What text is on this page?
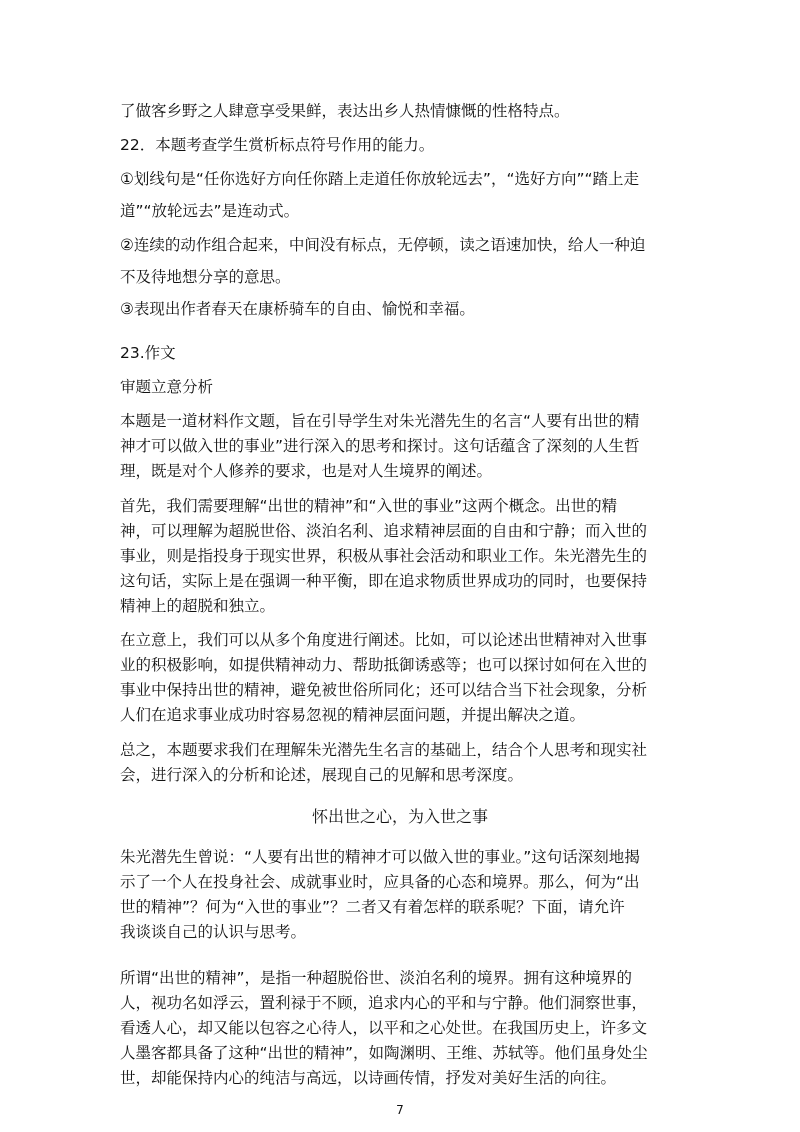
了做客乡野之人肆意享受果鲜，表达出乡人热情慷慨的性格特点。

22．本题考查学生赏析标点符号作用的能力。

①划线句是“任你选好方向任你踏上走道任你放轮远去”，“选好方向”“踏上走

道”“放轮远去”是连动式。

②连续的动作组合起来，中间没有标点，无停顿，读之语速加快，给人一种迫

不及待地想分享的意思。

③表现出作者春天在康桥骑车的自由、愉悦和幸福。

23.作文

审题立意分析

本题是一道材料作文题，旨在引导学生对朱光潜先生的名言“人要有出世的精

神才可以做入世的事业”进行深入的思考和探讨。这句话蕴含了深刻的人生哲

理，既是对个人修养的要求，也是对人生境界的阐述。

首先，我们需要理解“出世的精神”和“入世的事业”这两个概念。出世的精

神，可以理解为超脱世俗、淡泊名利、追求精神层面的自由和宁静；而入世的

事业，则是指投身于现实世界，积极从事社会活动和职业工作。朱光潜先生的

这句话，实际上是在强调一种平衡，即在追求物质世界成功的同时，也要保持

精神上的超脱和独立。

在立意上，我们可以从多个角度进行阐述。比如，可以论述出世精神对入世事

业的积极影响，如提供精神动力、帮助抵御诱惑等；也可以探讨如何在入世的

事业中保持出世的精神，避免被世俗所同化；还可以结合当下社会现象，分析

人们在追求事业成功时容易忽视的精神层面问题，并提出解决之道。

总之，本题要求我们在理解朱光潜先生名言的基础上，结合个人思考和现实社

会，进行深入的分析和论述，展现自己的见解和思考深度。

怀出世之心，为入世之事

朱光潜先生曾说：“人要有出世的精神才可以做入世的事业。”这句话深刻地揭

示了一个人在投身社会、成就事业时，应具备的心态和境界。那么，何为“出

世的精神”？何为“入世的事业”？二者又有着怎样的联系呢？下面，请允许

我谈谈自己的认识与思考。

所谓“出世的精神”，是指一种超脱俗世、淡泊名利的境界。拥有这种境界的

人，视功名如浮云，置利禄于不顾，追求内心的平和与宁静。他们洞察世事，

看透人心，却又能以包容之心待人，以平和之心处世。在我国历史上，许多文

人墨客都具备了这种“出世的精神”，如陶渊明、王维、苏轼等。他们虽身处尘

世，却能保持内心的纯洁与高远，以诗画传情，抒发对美好生活的向往。

7
